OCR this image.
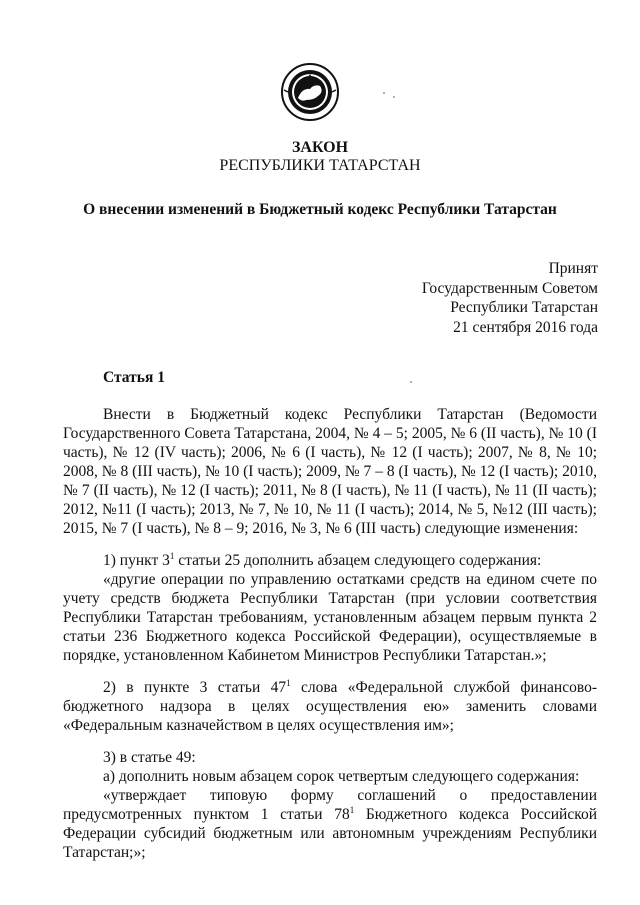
ЗАКОН
РЕСПУБЛИКИ ТАТАРСТАН
О внесении изменений в Бюджетный кодекс Республики Татарстан
Принят
Государственным Советом
Республики Татарстан
21 сентября 2016 года
Статья 1

Внести в Бюджетный кодекс Республики Татарстан (Ведомости

Государственного Совета Татарстана, 2004, № 4 – 5; 2005, № 6 (II часть), № 10 (I часть), № 12 (IV часть); 2006, № 6 (I часть), № 12 (I часть); 2007, № 8, № 10; 2008, № 8 (III часть), № 10 (I часть); 2009, № 7 – 8 (I часть), № 12 (I часть); 2010, № 7 (II часть), № 12 (I часть); 2011, № 8 (I часть), № 11 (I часть), № 11 (II часть); 2012, №11 (I часть); 2013, № 7, № 10, № 11 (I часть); 2014, № 5, №12 (III часть); 2015, № 7 (I часть), № 8 – 9; 2016, № 3, № 6 (III часть) следующие изменения:

1) пункт $3^1$ статьи 25 дополнить абзацем следующего содержания:

«другие операции по управлению остатками средств на едином счете по учету средств бюджета Республики Татарстан (при условии соответствия Республики Татарстан требованиям, установленным абзацем первым пункта 2 статьи 236 Бюджетного кодекса Российской Федерации), осуществляемые в порядке, установленном Кабинетом Министров Республики Татарстан.»;

2) в пункте 3 статьи $47^1$ слова «Федеральной службой финансово-бюджетного надзора в целях осуществления ею» заменить словами «Федеральным казначейством в целях осуществления им»;

3) в статье 49:

а) дополнить новым абзацем сорок четвертым следующего содержания:

«утверждает типовую форму соглашений о предоставлении предусмотренных пунктом 1 статьи $78^1$ Бюджетного кодекса Российской Федерации субсидий бюджетным или автономным учреждениям Республики Татарстан;»;
